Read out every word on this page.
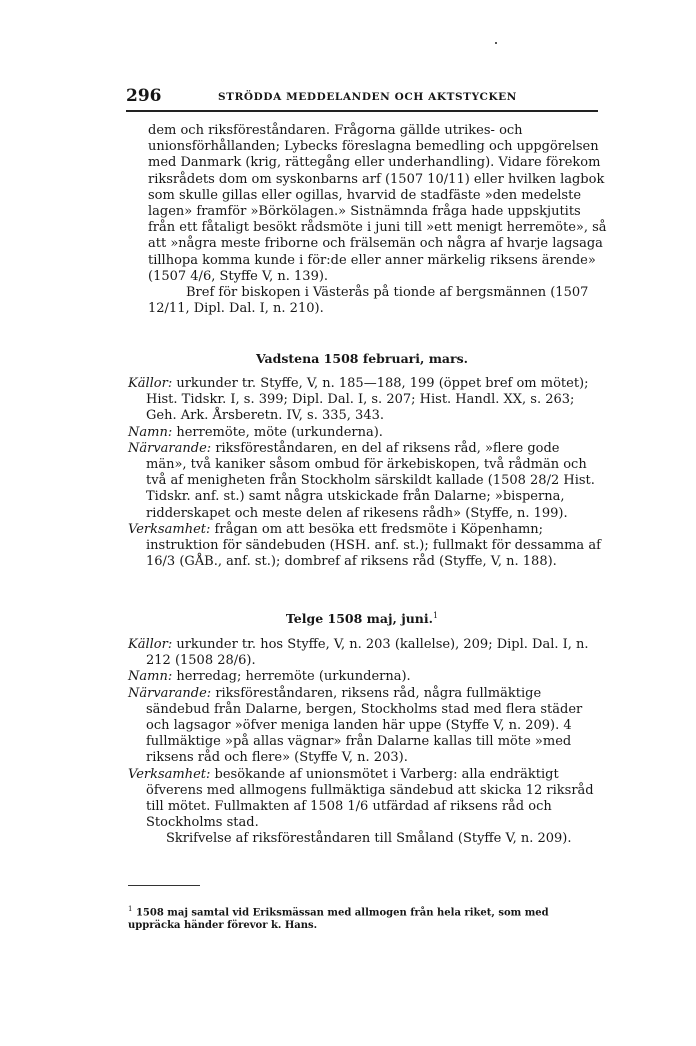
296	STRÖDDA MEDDELANDEN OCH AKTSTYCKEN

dem och riksföreståndaren. Frågorna gällde utrikes- och unionsförhållanden; Lybecks föreslagna bemedling och uppgörelsen med Danmark (krig, rättegång eller underhandling). Vidare förekom riksrådets dom om syskonbarns arf (1507 10/11) eller hvilken lagbok som skulle gillas eller ogillas, hvarvid de stadfäste »den medelste lagen» framför »Börkölagen.» Sistnämnda fråga hade uppskjutits från ett fåtaligt besökt rådsmöte i juni till »ett menigt herremöte», så att »några meste friborne och frälsemän och några af hvarje lagsaga tillhopa komma kunde i för:de eller anner märkelig riksens ärende» (1507 4/6, Styffe V, n. 139).

Bref för biskopen i Västerås på tionde af bergsmännen (1507 12/11, Dipl. Dal. I, n. 210).

Vadstena 1508 februari, mars.

Källor: urkunder tr. Styffe, V, n. 185—188, 199 (öppet bref om mötet); Hist. Tidskr. I, s. 399; Dipl. Dal. I, s. 207; Hist. Handl. XX, s. 263; Geh. Ark. Årsberetn. IV, s. 335, 343.

Namn: herremöte, möte (urkunderna).

Närvarande: riksföreståndaren, en del af riksens råd, »flere gode män», två kaniker såsom ombud för ärkebiskopen, två rådmän och två af menigheten från Stockholm särskildt kallade (1508 28/2 Hist. Tidskr. anf. st.) samt några utskickade från Dalarne; »bisperna, ridderskapet och meste delen af rikesens rådh» (Styffe, n. 199).

Verksamhet: frågan om att besöka ett fredsmöte i Köpenhamn; instruktion för sändebuden (HSH. anf. st.); fullmakt för dessamma af 16/3 (GÅB., anf. st.); dombref af riksens råd (Styffe, V, n. 188).

Telge 1508 maj, juni.$^1$

Källor: urkunder tr. hos Styffe, V, n. 203 (kallelse), 209; Dipl. Dal. I, n. 212 (1508 28/6).

Namn: herredag; herremöte (urkunderna).

Närvarande: riksföreståndaren, riksens råd, några fullmäktige sändebud från Dalarne, bergen, Stockholms stad med flera städer och lagsagor »öfver meniga landen här uppe (Styffe V, n. 209). 4 fullmäktige »på allas vägnar» från Dalarne kallas till möte »med riksens råd och flere» (Styffe V, n. 203).

Verksamhet: besökande af unionsmötet i Varberg: alla endräktigt öfverens med allmogens fullmäktiga sändebud att skicka 12 riksråd till mötet. Fullmakten af 1508 1/6 utfärdad af riksens råd och Stockholms stad.

Skrifvelse af riksföreståndaren till Småland (Styffe V, n. 209).

$^1$ 1508 maj samtal vid Eriksmässan med allmogen från hela riket, som med uppräcka händer förevor k. Hans.
